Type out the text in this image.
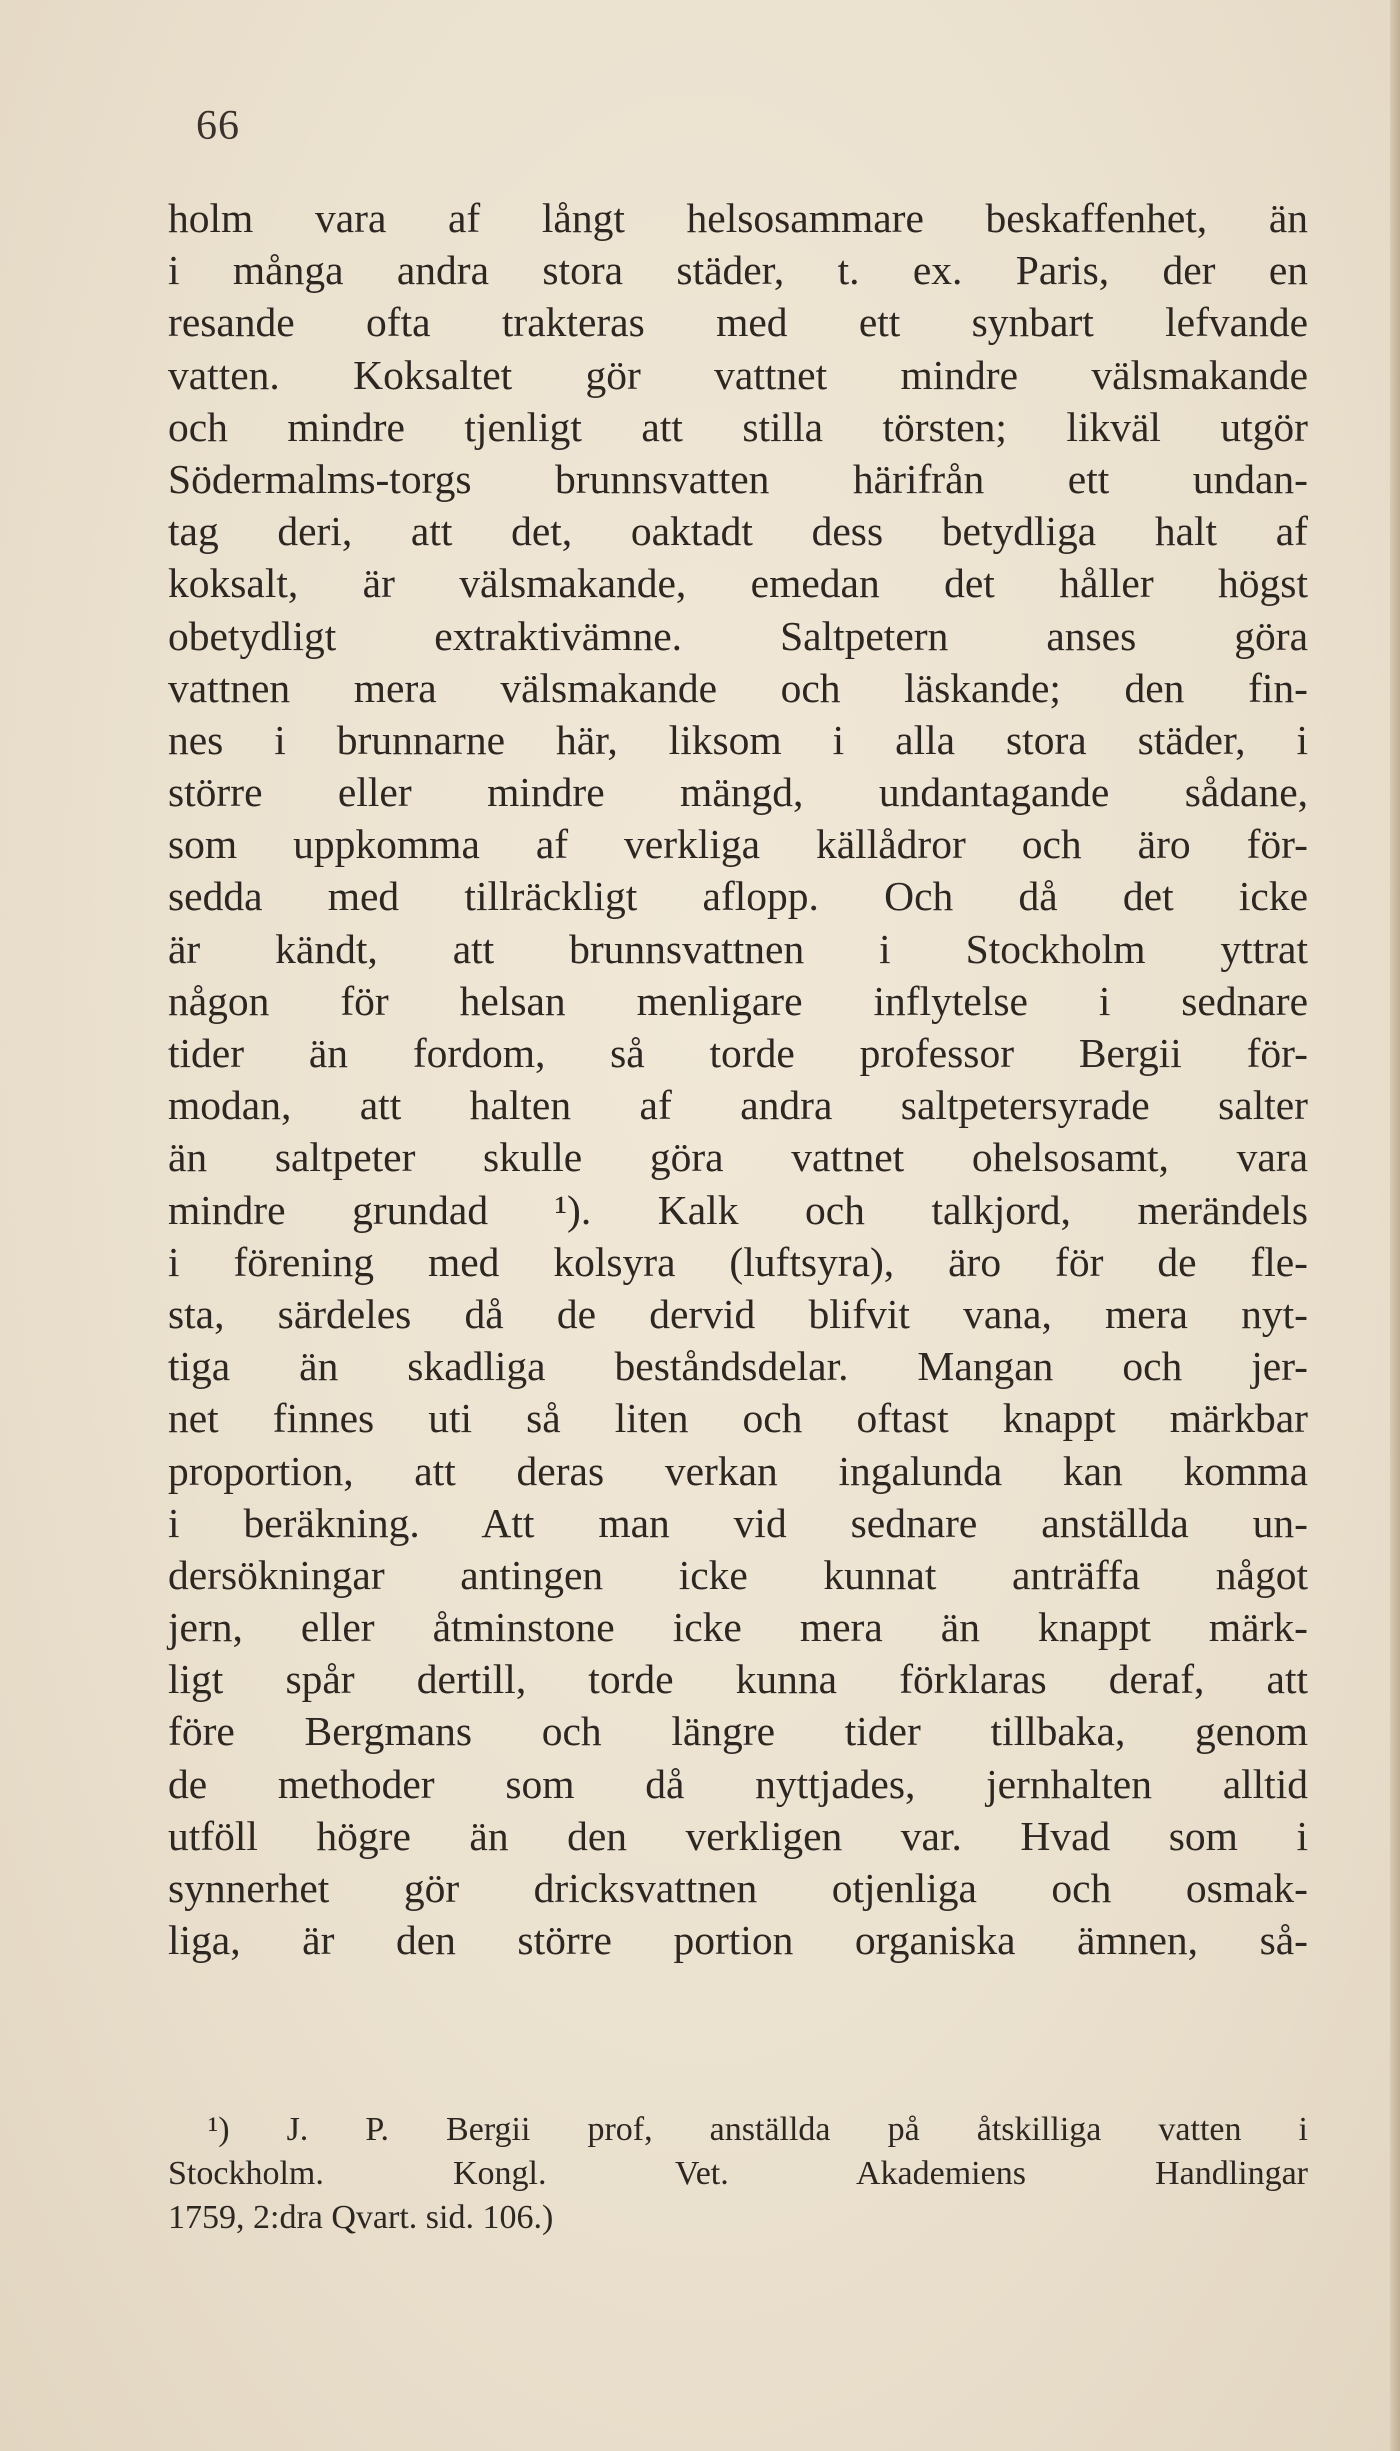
66
holm vara af långt helsosammare beskaffenhet, än
i många andra stora städer, t. ex. Paris, der en
resande ofta trakteras med ett synbart lefvande
vatten. Koksaltet gör vattnet mindre välsmakande
och mindre tjenligt att stilla törsten; likväl utgör
Södermalms-torgs brunnsvatten härifrån ett undan-
tag deri, att det, oaktadt dess betydliga halt af
koksalt, är välsmakande, emedan det håller högst
obetydligt extraktivämne. Saltpetern anses göra
vattnen mera välsmakande och läskande; den fin-
nes i brunnarne här, liksom i alla stora städer, i
större eller mindre mängd, undantagande sådane,
som uppkomma af verkliga källådror och äro för-
sedda med tillräckligt aflopp. Och då det icke
är kändt, att brunnsvattnen i Stockholm yttrat
någon för helsan menligare inflytelse i sednare
tider än fordom, så torde professor Bergii för-
modan, att halten af andra saltpetersyrade salter
än saltpeter skulle göra vattnet ohelsosamt, vara
mindre grundad ¹). Kalk och talkjord, merändels
i förening med kolsyra (luftsyra), äro för de fle-
sta, särdeles då de dervid blifvit vana, mera nyt-
tiga än skadliga beståndsdelar. Mangan och jer-
net finnes uti så liten och oftast knappt märkbar
proportion, att deras verkan ingalunda kan komma
i beräkning. Att man vid sednare anställda un-
dersökningar antingen icke kunnat anträffa något
jern, eller åtminstone icke mera än knappt märk-
ligt spår dertill, torde kunna förklaras deraf, att
före Bergmans och längre tider tillbaka, genom
de methoder som då nyttjades, jernhalten alltid
utföll högre än den verkligen var. Hvad som i
synnerhet gör dricksvattnen otjenliga och osmak-
liga, är den större portion organiska ämnen, så-
¹) J. P. Bergii prof, anställda på åtskilliga vatten i
Stockholm. Kongl. Vet. Akademiens Handlingar
1759, 2:dra Qvart. sid. 106.)
